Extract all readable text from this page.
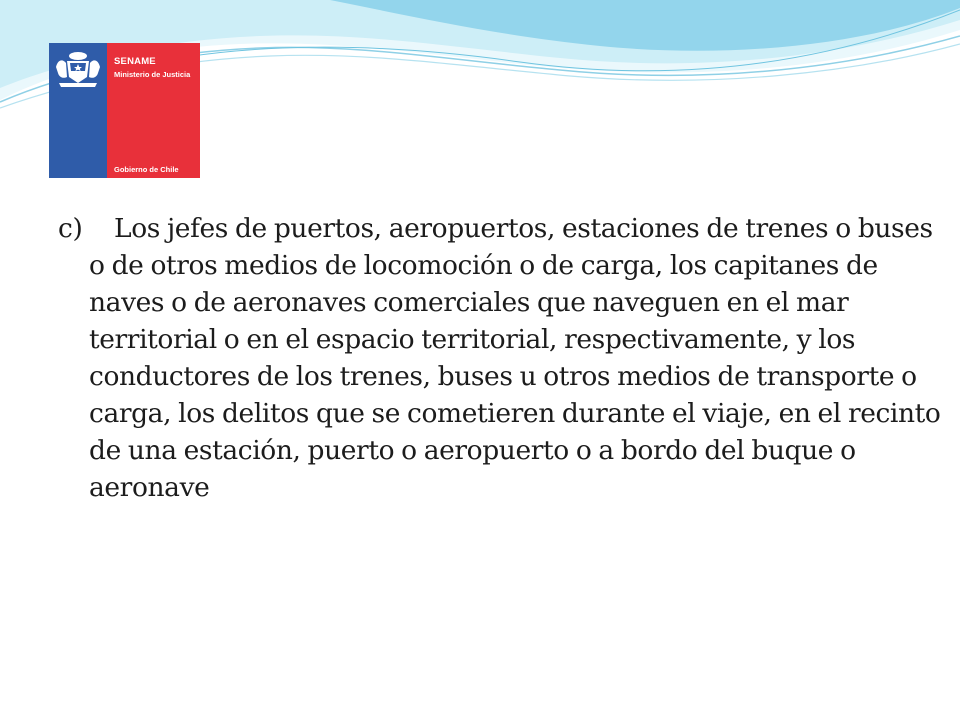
SENAME
Ministerio de Justicia
Gobierno de Chile

c) Los jefes de puertos, aeropuertos, estaciones de trenes o buses o de otros medios de locomoción o de carga, los capitanes de naves o de aeronaves comerciales que naveguen en el mar territorial o en el espacio territorial, respectivamente, y los conductores de los trenes, buses u otros medios de transporte o carga, los delitos que se cometieren durante el viaje, en el recinto de una estación, puerto o aeropuerto o a bordo del buque o aeronave
